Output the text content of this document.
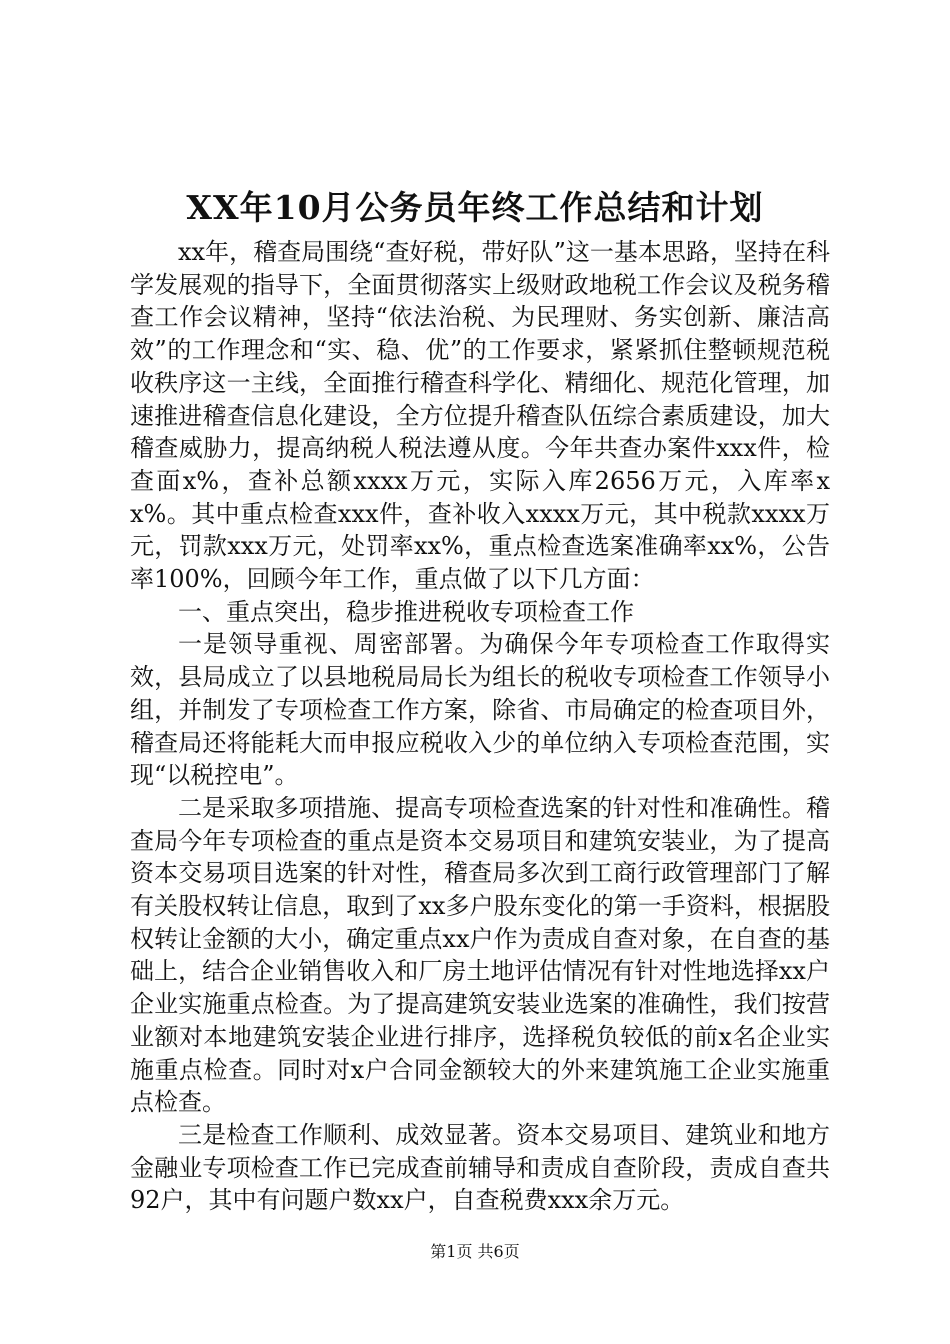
XX年10月公务员年终工作总结和计划

xx年，稽查局围绕“查好税，带好队”这一基本思路，坚持在科学发展观的指导下，全面贯彻落实上级财政地税工作会议及税务稽查工作会议精神，坚持“依法治税、为民理财、务实创新、廉洁高效”的工作理念和“实、稳、优”的工作要求，紧紧抓住整顿规范税收秩序这一主线，全面推行稽查科学化、精细化、规范化管理，加速推进稽查信息化建设，全方位提升稽查队伍综合素质建设，加大稽查威胁力，提高纳税人税法遵从度。今年共查办案件xxx件，检查面x%，查补总额xxxx万元，实际入库2656万元，入库率xx%。其中重点检查xxx件，查补收入xxxx万元，其中税款xxxx万元，罚款xxx万元，处罚率xx%，重点检查选案准确率xx%，公告率100%，回顾今年工作，重点做了以下几方面：

一、重点突出，稳步推进税收专项检查工作

一是领导重视、周密部署。为确保今年专项检查工作取得实效，县局成立了以县地税局局长为组长的税收专项检查工作领导小组，并制发了专项检查工作方案，除省、市局确定的检查项目外，稽查局还将能耗大而申报应税收入少的单位纳入专项检查范围，实现“以税控电”。

二是采取多项措施、提高专项检查选案的针对性和准确性。稽查局今年专项检查的重点是资本交易项目和建筑安装业，为了提高资本交易项目选案的针对性，稽查局多次到工商行政管理部门了解有关股权转让信息，取到了xx多户股东变化的第一手资料，根据股权转让金额的大小，确定重点xx户作为责成自查对象，在自查的基础上，结合企业销售收入和厂房土地评估情况有针对性地选择xx户企业实施重点检查。为了提高建筑安装业选案的准确性，我们按营业额对本地建筑安装企业进行排序，选择税负较低的前x名企业实施重点检查。同时对x户合同金额较大的外来建筑施工企业实施重点检查。

三是检查工作顺利、成效显著。资本交易项目、建筑业和地方金融业专项检查工作已完成查前辅导和责成自查阶段，责成自查共92户，其中有问题户数xx户，自查税费xxx余万元。

第1页 共6页
